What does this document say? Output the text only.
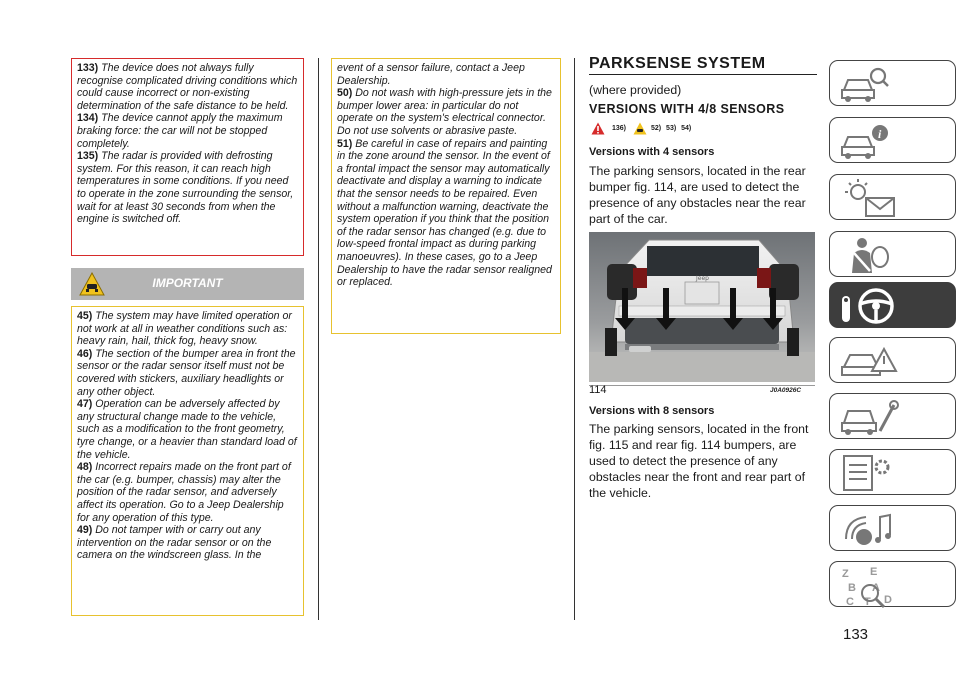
133) The device does not always fully recognise complicated driving conditions which could cause incorrect or non-existing determination of the safe distance to be held.

134) The device cannot apply the maximum braking force: the car will not be stopped completely.

135) The radar is provided with defrosting system. For this reason, it can reach high temperatures in some conditions. If you need to operate in the zone surrounding the sensor, wait for at least 30 seconds from when the engine is switched off.

IMPORTANT

45) The system may have limited operation or not work at all in weather conditions such as: heavy rain, hail, thick fog, heavy snow.

46) The section of the bumper area in front the sensor or the radar sensor itself must not be covered with stickers, auxiliary headlights or any other object.

47) Operation can be adversely affected by any structural change made to the vehicle, such as a modification to the front geometry, tyre change, or a heavier than standard load of the vehicle.

48) Incorrect repairs made on the front part of the car (e.g. bumper, chassis) may alter the position of the radar sensor, and adversely affect its operation. Go to a Jeep Dealership for any operation of this type.

49) Do not tamper with or carry out any intervention on the radar sensor or on the camera on the windscreen glass. In the

event of a sensor failure, contact a Jeep Dealership.

50) Do not wash with high-pressure jets in the bumper lower area: in particular do not operate on the system's electrical connector. Do not use solvents or abrasive paste.

51) Be careful in case of repairs and painting in the zone around the sensor. In the event of a frontal impact the sensor may automatically deactivate and display a warning to indicate that the sensor needs to be repaired. Even without a malfunction warning, deactivate the system operation if you think that the position of the radar sensor has changed (e.g. due to low-speed frontal impact as during parking manoeuvres). In these cases, go to a Jeep Dealership to have the radar sensor realigned or replaced.

PARKSENSE SYSTEM
(where provided)
VERSIONS WITH 4/8 SENSORS
136)	52) 53) 54)
Versions with 4 sensors
The parking sensors, located in the rear bumper fig. 114, are used to detect the presence of any obstacles near the rear part of the car.
Jeep
114	J0A0926C
Versions with 8 sensors
The parking sensors, located in the front fig. 115 and rear fig. 114 bumpers, are used to detect the presence of any obstacles near the front and rear part of the vehicle.
i
Z E
B A
C T D
133
